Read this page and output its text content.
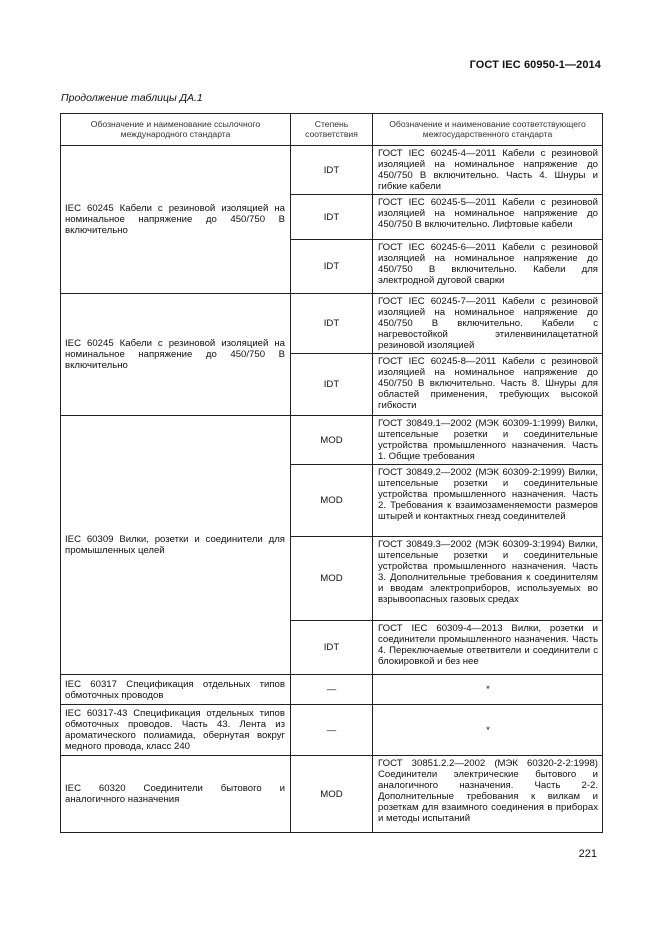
ГОСТ IEC 60950-1—2014
Продолжение таблицы ДА.1
Обозначение и наименование ссылочного международного стандарта	Степень соответствия	Обозначение и наименование соответствующего межгосударственного стандарта
IEC 60245 Кабели с резиновой изоляцией на номинальное напряжение до 450/750 В включительно	IDT	ГОСТ IEC 60245-4—2011 Кабели с резиновой изоляцией на номинальное напряжение до 450/750 В включительно. Часть 4. Шнуры и гибкие кабели
	IDT	ГОСТ IEC 60245-5—2011 Кабели с резиновой изоляцией на номинальное напряжение до 450/750 В включительно. Лифтовые кабели
	IDT	ГОСТ IEC 60245-6—2011 Кабели с резиновой изоляцией на номинальное напряжение до 450/750 В включительно. Кабели для электродной дуговой сварки
IEC 60245 Кабели с резиновой изоляцией на номинальное напряжение до 450/750 В включительно	IDT	ГОСТ IEC 60245-7—2011 Кабели с резиновой изоляцией на номинальное напряжение до 450/750 В включительно. Кабели с нагревостойкой этиленвинилацетатной резиновой изоляцией
	IDT	ГОСТ IEC 60245-8—2011 Кабели с резиновой изоляцией на номинальное напряжение до 450/750 В включительно. Часть 8. Шнуры для областей применения, требующих высокой гибкости
IEC 60309 Вилки, розетки и соединители для промышленных целей	MOD	ГОСТ 30849.1—2002 (МЭК 60309-1:1999) Вилки, штепсельные розетки и соединительные устройства промышленного назначения. Часть 1. Общие требования
	MOD	ГОСТ 30849.2—2002 (МЭК 60309-2:1999) Вилки, штепсельные розетки и соединительные устройства промышленного назначения. Часть 2. Требования к взаимозаменяемости размеров штырей и контактных гнезд соединителей
	MOD	ГОСТ 30849.3—2002 (МЭК 60309-3:1994) Вилки, штепсельные розетки и соединительные устройства промышленного назначения. Часть 3. Дополнительные требования к соединителям и вводам электроприборов, используемых во взрывоопасных газовых средах
	IDT	ГОСТ IEC 60309-4—2013 Вилки, розетки и соединители промышленного назначения. Часть 4. Переключаемые ответвители и соединители с блокировкой и без нее
IEC 60317 Спецификация отдельных типов обмоточных проводов	—	*
IEC 60317-43 Спецификация отдельных типов обмоточных проводов. Часть 43. Лента из ароматического полиамида, обернутая вокруг медного провода, класс 240	—	*
IEC 60320 Соединители бытового и аналогичного назначения	MOD	ГОСТ 30851.2.2—2002 (МЭК 60320-2-2:1998) Соединители электрические бытового и аналогичного назначения. Часть 2-2. Дополнительные требования к вилкам и розеткам для взаимного соединения в приборах и методы испытаний
221
